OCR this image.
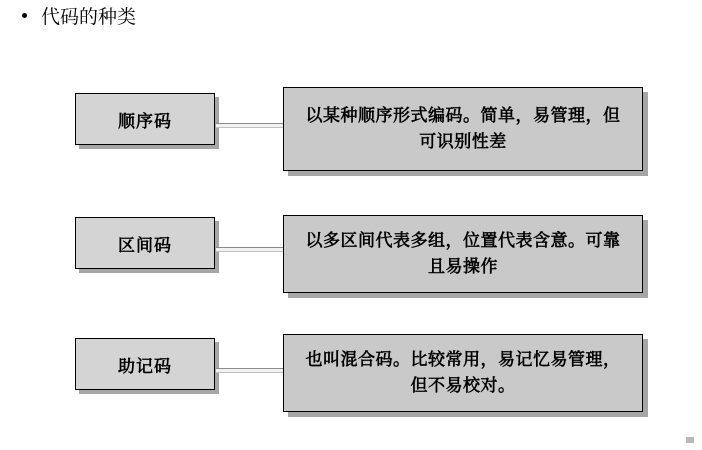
代码的种类
顺序码	以某种顺序形式编码。简单，易管理，但可识别性差
区间码	以多区间代表多组，位置代表含意。可靠且易操作
助记码	也叫混合码。比较常用，易记忆易管理，但不易校对。
